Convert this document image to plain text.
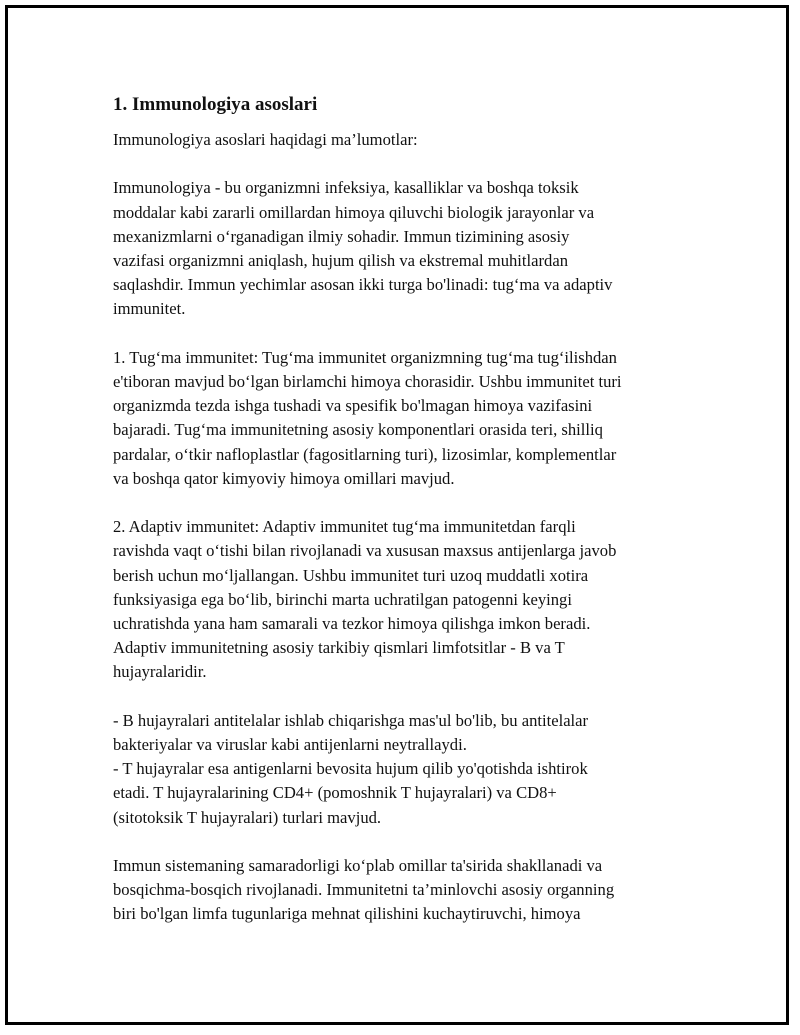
1. Immunologiya asoslari

Immunologiya asoslari haqidagi ma’lumotlar:

Immunologiya - bu organizmni infeksiya, kasalliklar va boshqa toksik
moddalar kabi zararli omillardan himoya qiluvchi biologik jarayonlar va
mexanizmlarni o‘rganadigan ilmiy sohadir. Immun tizimining asosiy
vazifasi organizmni aniqlash, hujum qilish va ekstremal muhitlardan
saqlashdir. Immun yechimlar asosan ikki turga bo'linadi: tug‘ma va adaptiv
immunitet.

1. Tug‘ma immunitet: Tug‘ma immunitet organizmning tug‘ma tug‘ilishdan
e'tiboran mavjud bo‘lgan birlamchi himoya chorasidir. Ushbu immunitet turi
organizmda tezda ishga tushadi va spesifik bo'lmagan himoya vazifasini
bajaradi. Tug‘ma immunitetning asosiy komponentlari orasida teri, shilliq
pardalar, o‘tkir nafloplastlar (fagositlarning turi), lizosimlar, komplementlar
va boshqa qator kimyoviy himoya omillari mavjud.

2. Adaptiv immunitet: Adaptiv immunitet tug‘ma immunitetdan farqli
ravishda vaqt o‘tishi bilan rivojlanadi va xususan maxsus antijenlarga javob
berish uchun mo‘ljallangan. Ushbu immunitet turi uzoq muddatli xotira
funksiyasiga ega bo‘lib, birinchi marta uchratilgan patogenni keyingi
uchratishda yana ham samarali va tezkor himoya qilishga imkon beradi.
Adaptiv immunitetning asosiy tarkibiy qismlari limfotsitlar - B va T
hujayralaridir.

- B hujayralari antitelalar ishlab chiqarishga mas'ul bo'lib, bu antitelalar
bakteriyalar va viruslar kabi antijenlarni neytrallaydi.
- T hujayralar esa antigenlarni bevosita hujum qilib yo'qotishda ishtirok
etadi. T hujayralarining CD4+ (pomoshnik T hujayralari) va CD8+
(sitotoksik T hujayralari) turlari mavjud.

Immun sistemaning samaradorligi ko‘plab omillar ta'sirida shakllanadi va
bosqichma-bosqich rivojlanadi. Immunitetni ta’minlovchi asosiy organning
biri bo'lgan limfa tugunlariga mehnat qilishini kuchaytiruvchi, himoya
